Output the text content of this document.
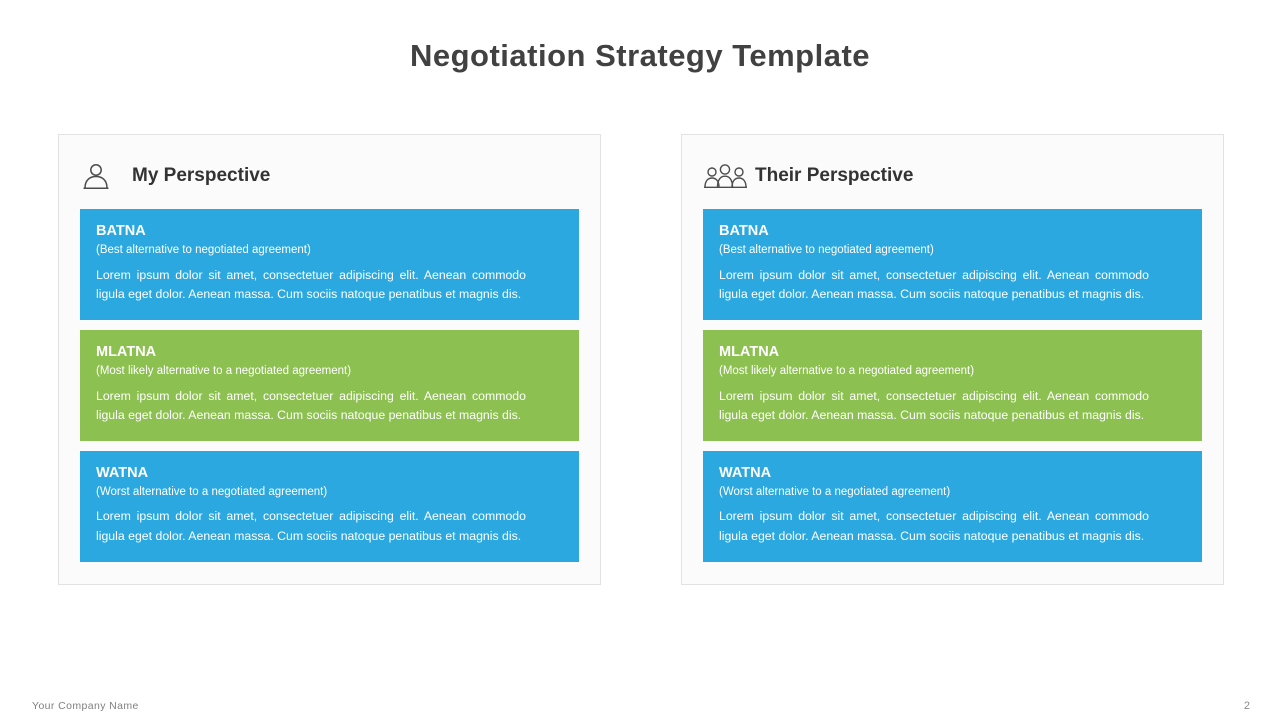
Negotiation Strategy Template
My Perspective
BATNA
(Best alternative to negotiated agreement)
Lorem ipsum dolor sit amet, consectetuer adipiscing elit. Aenean commodo ligula eget dolor. Aenean massa. Cum sociis natoque penatibus et magnis dis.
MLATNA
(Most likely alternative to a negotiated agreement)
Lorem ipsum dolor sit amet, consectetuer adipiscing elit. Aenean commodo ligula eget dolor. Aenean massa. Cum sociis natoque penatibus et magnis dis.
WATNA
(Worst alternative to a negotiated agreement)
Lorem ipsum dolor sit amet, consectetuer adipiscing elit. Aenean commodo ligula eget dolor. Aenean massa. Cum sociis natoque penatibus et magnis dis.
Their Perspective
BATNA
(Best alternative to negotiated agreement)
Lorem ipsum dolor sit amet, consectetuer adipiscing elit. Aenean commodo ligula eget dolor. Aenean massa. Cum sociis natoque penatibus et magnis dis.
MLATNA
(Most likely alternative to a negotiated agreement)
Lorem ipsum dolor sit amet, consectetuer adipiscing elit. Aenean commodo ligula eget dolor. Aenean massa. Cum sociis natoque penatibus et magnis dis.
WATNA
(Worst alternative to a negotiated agreement)
Lorem ipsum dolor sit amet, consectetuer adipiscing elit. Aenean commodo ligula eget dolor. Aenean massa. Cum sociis natoque penatibus et magnis dis.
Your Company Name	2
